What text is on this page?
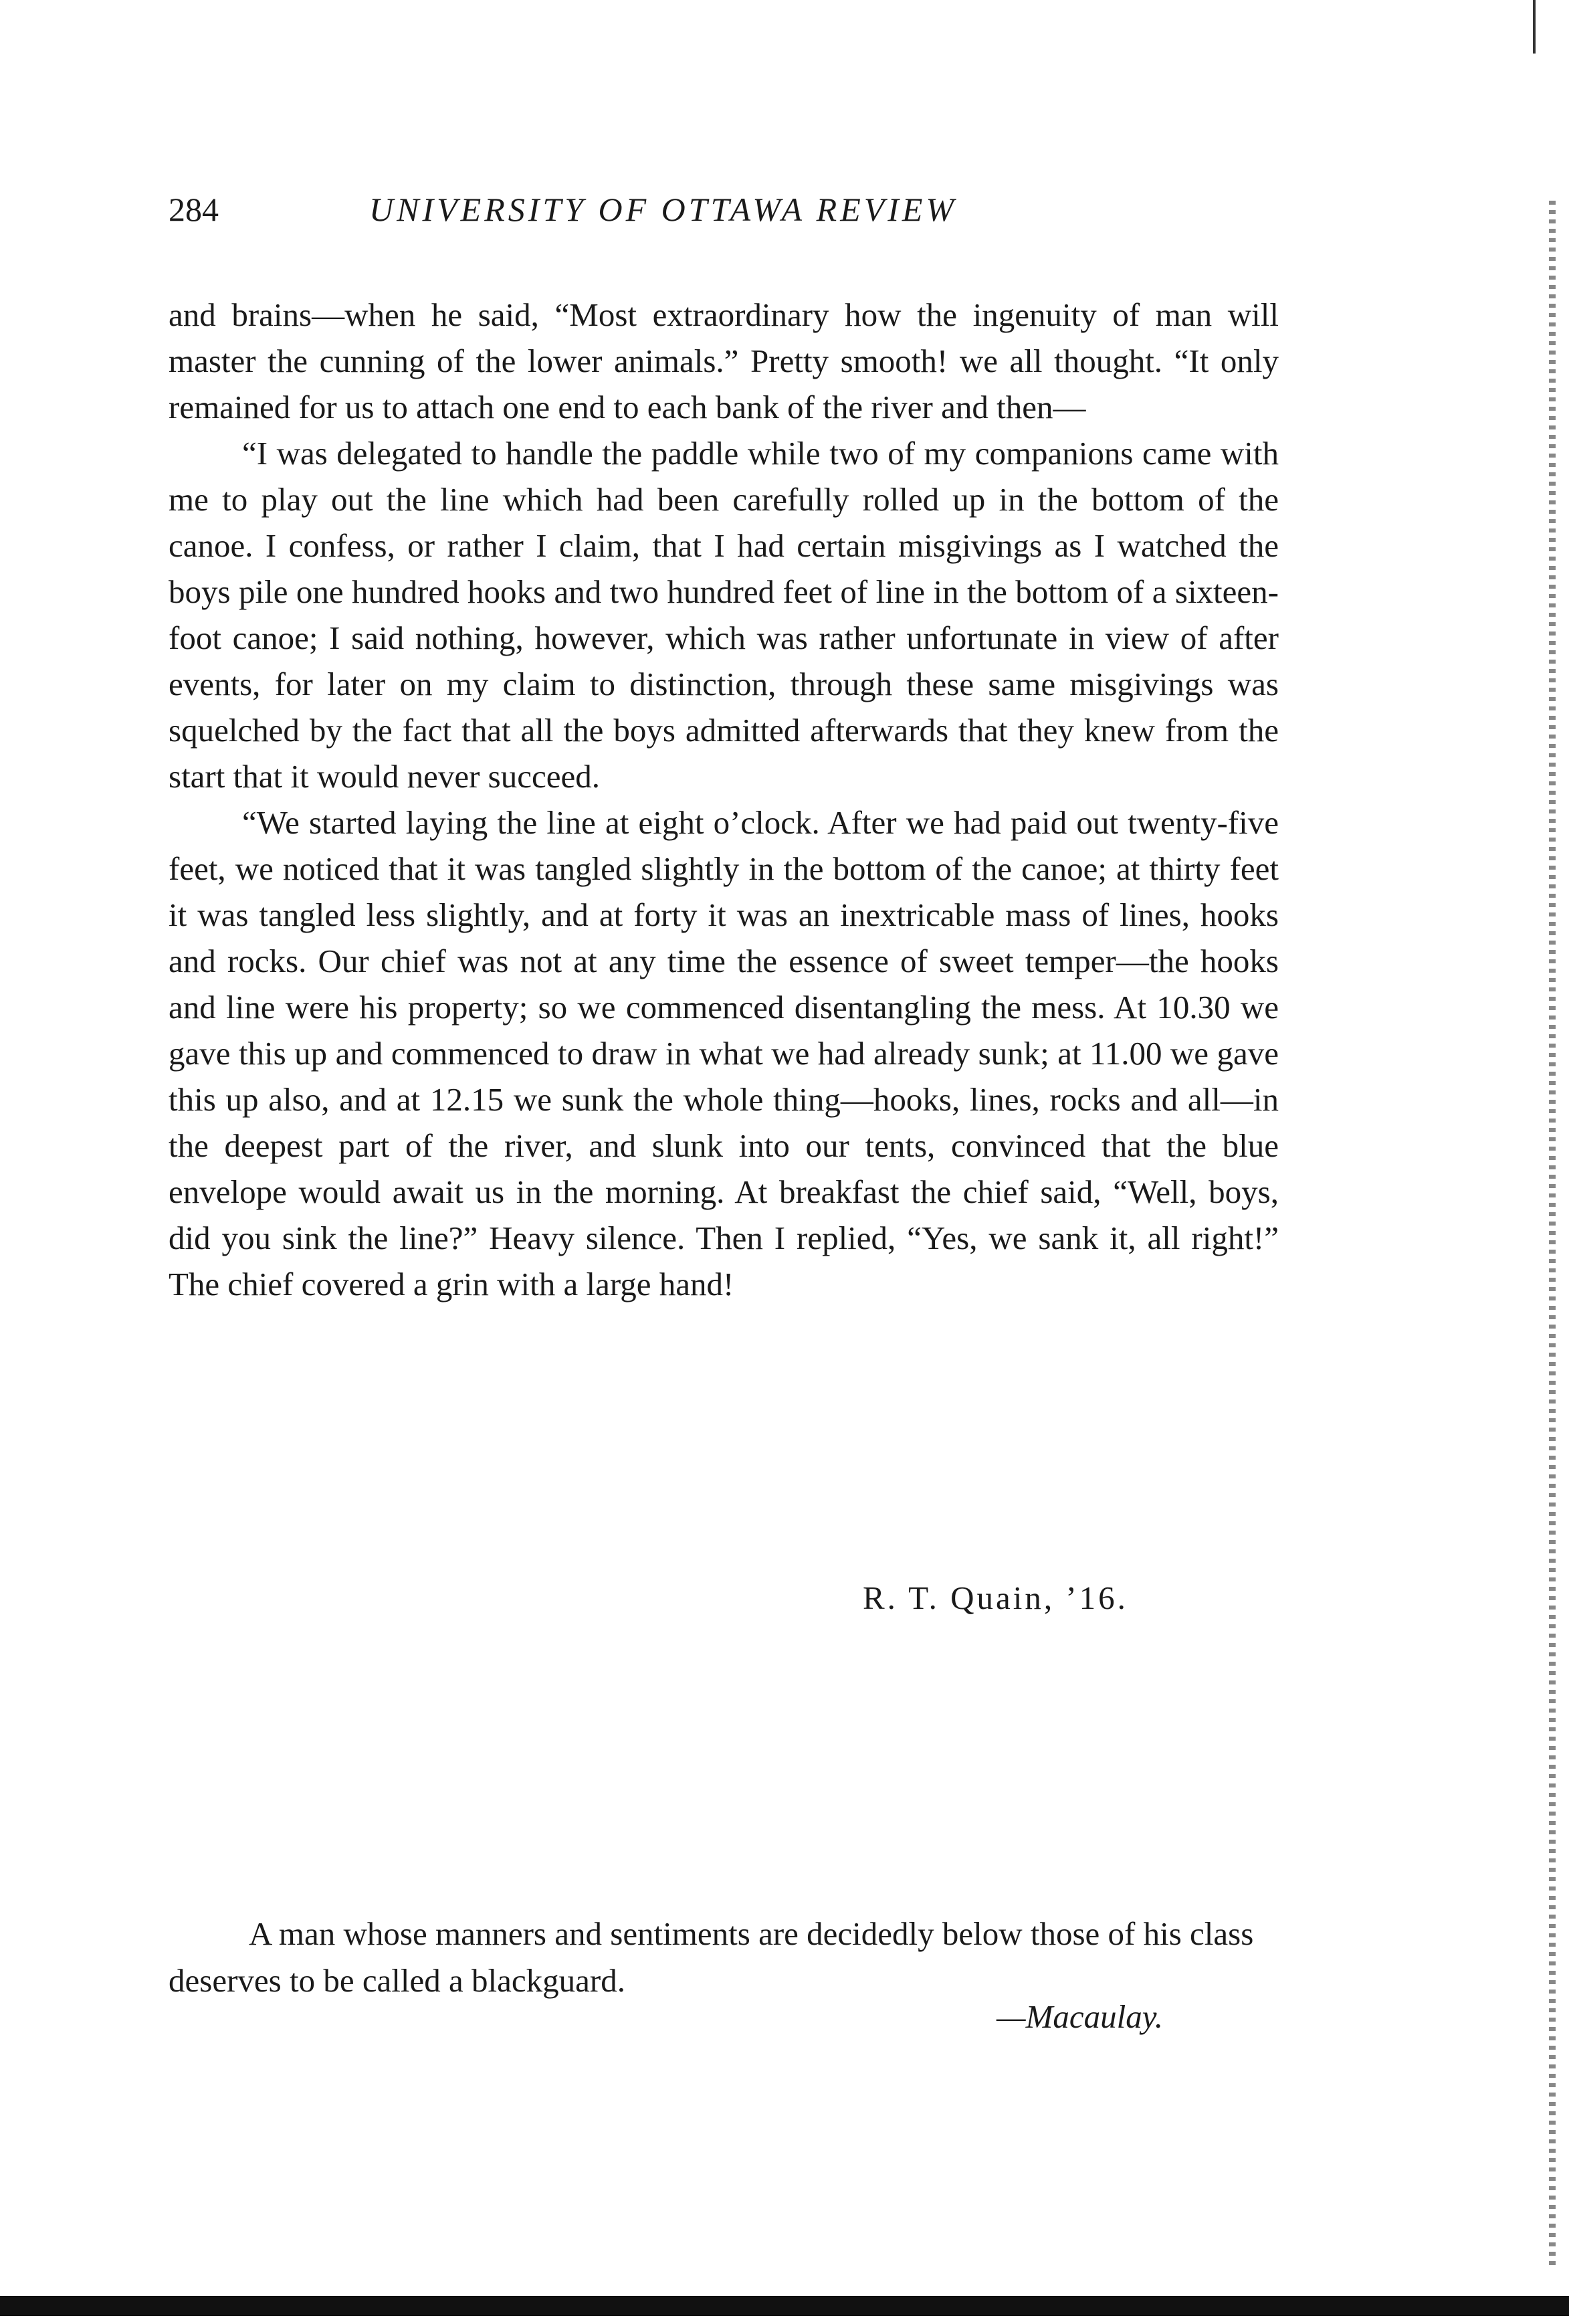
284	UNIVERSITY OF OTTAWA REVIEW

and brains—when he said, “Most extraordinary how the ingenuity of man will master the cunning of the lower animals.” Pretty smooth! we all thought. “It only remained for us to attach one end to each bank of the river and then—

“I was delegated to handle the paddle while two of my companions came with me to play out the line which had been carefully rolled up in the bottom of the canoe. I confess, or rather I claim, that I had certain misgivings as I watched the boys pile one hundred hooks and two hundred feet of line in the bottom of a sixteen-foot canoe; I said nothing, however, which was rather unfortunate in view of after events, for later on my claim to distinction, through these same misgivings was squelched by the fact that all the boys admitted afterwards that they knew from the start that it would never succeed.

“We started laying the line at eight o’clock. After we had paid out twenty-five feet, we noticed that it was tangled slightly in the bottom of the canoe; at thirty feet it was tangled less slightly, and at forty it was an inextricable mass of lines, hooks and rocks. Our chief was not at any time the essence of sweet temper—the hooks and line were his property; so we commenced disentangling the mess. At 10.30 we gave this up and commenced to draw in what we had already sunk; at 11.00 we gave this up also, and at 12.15 we sunk the whole thing—hooks, lines, rocks and all—in the deepest part of the river, and slunk into our tents, convinced that the blue envelope would await us in the morning. At breakfast the chief said, “Well, boys, did you sink the line?” Heavy silence. Then I replied, “Yes, we sank it, all right!” The chief covered a grin with a large hand!

R. T. Quain, ’16.

A man whose manners and sentiments are decidedly below those of his class deserves to be called a blackguard.

—Macaulay.
